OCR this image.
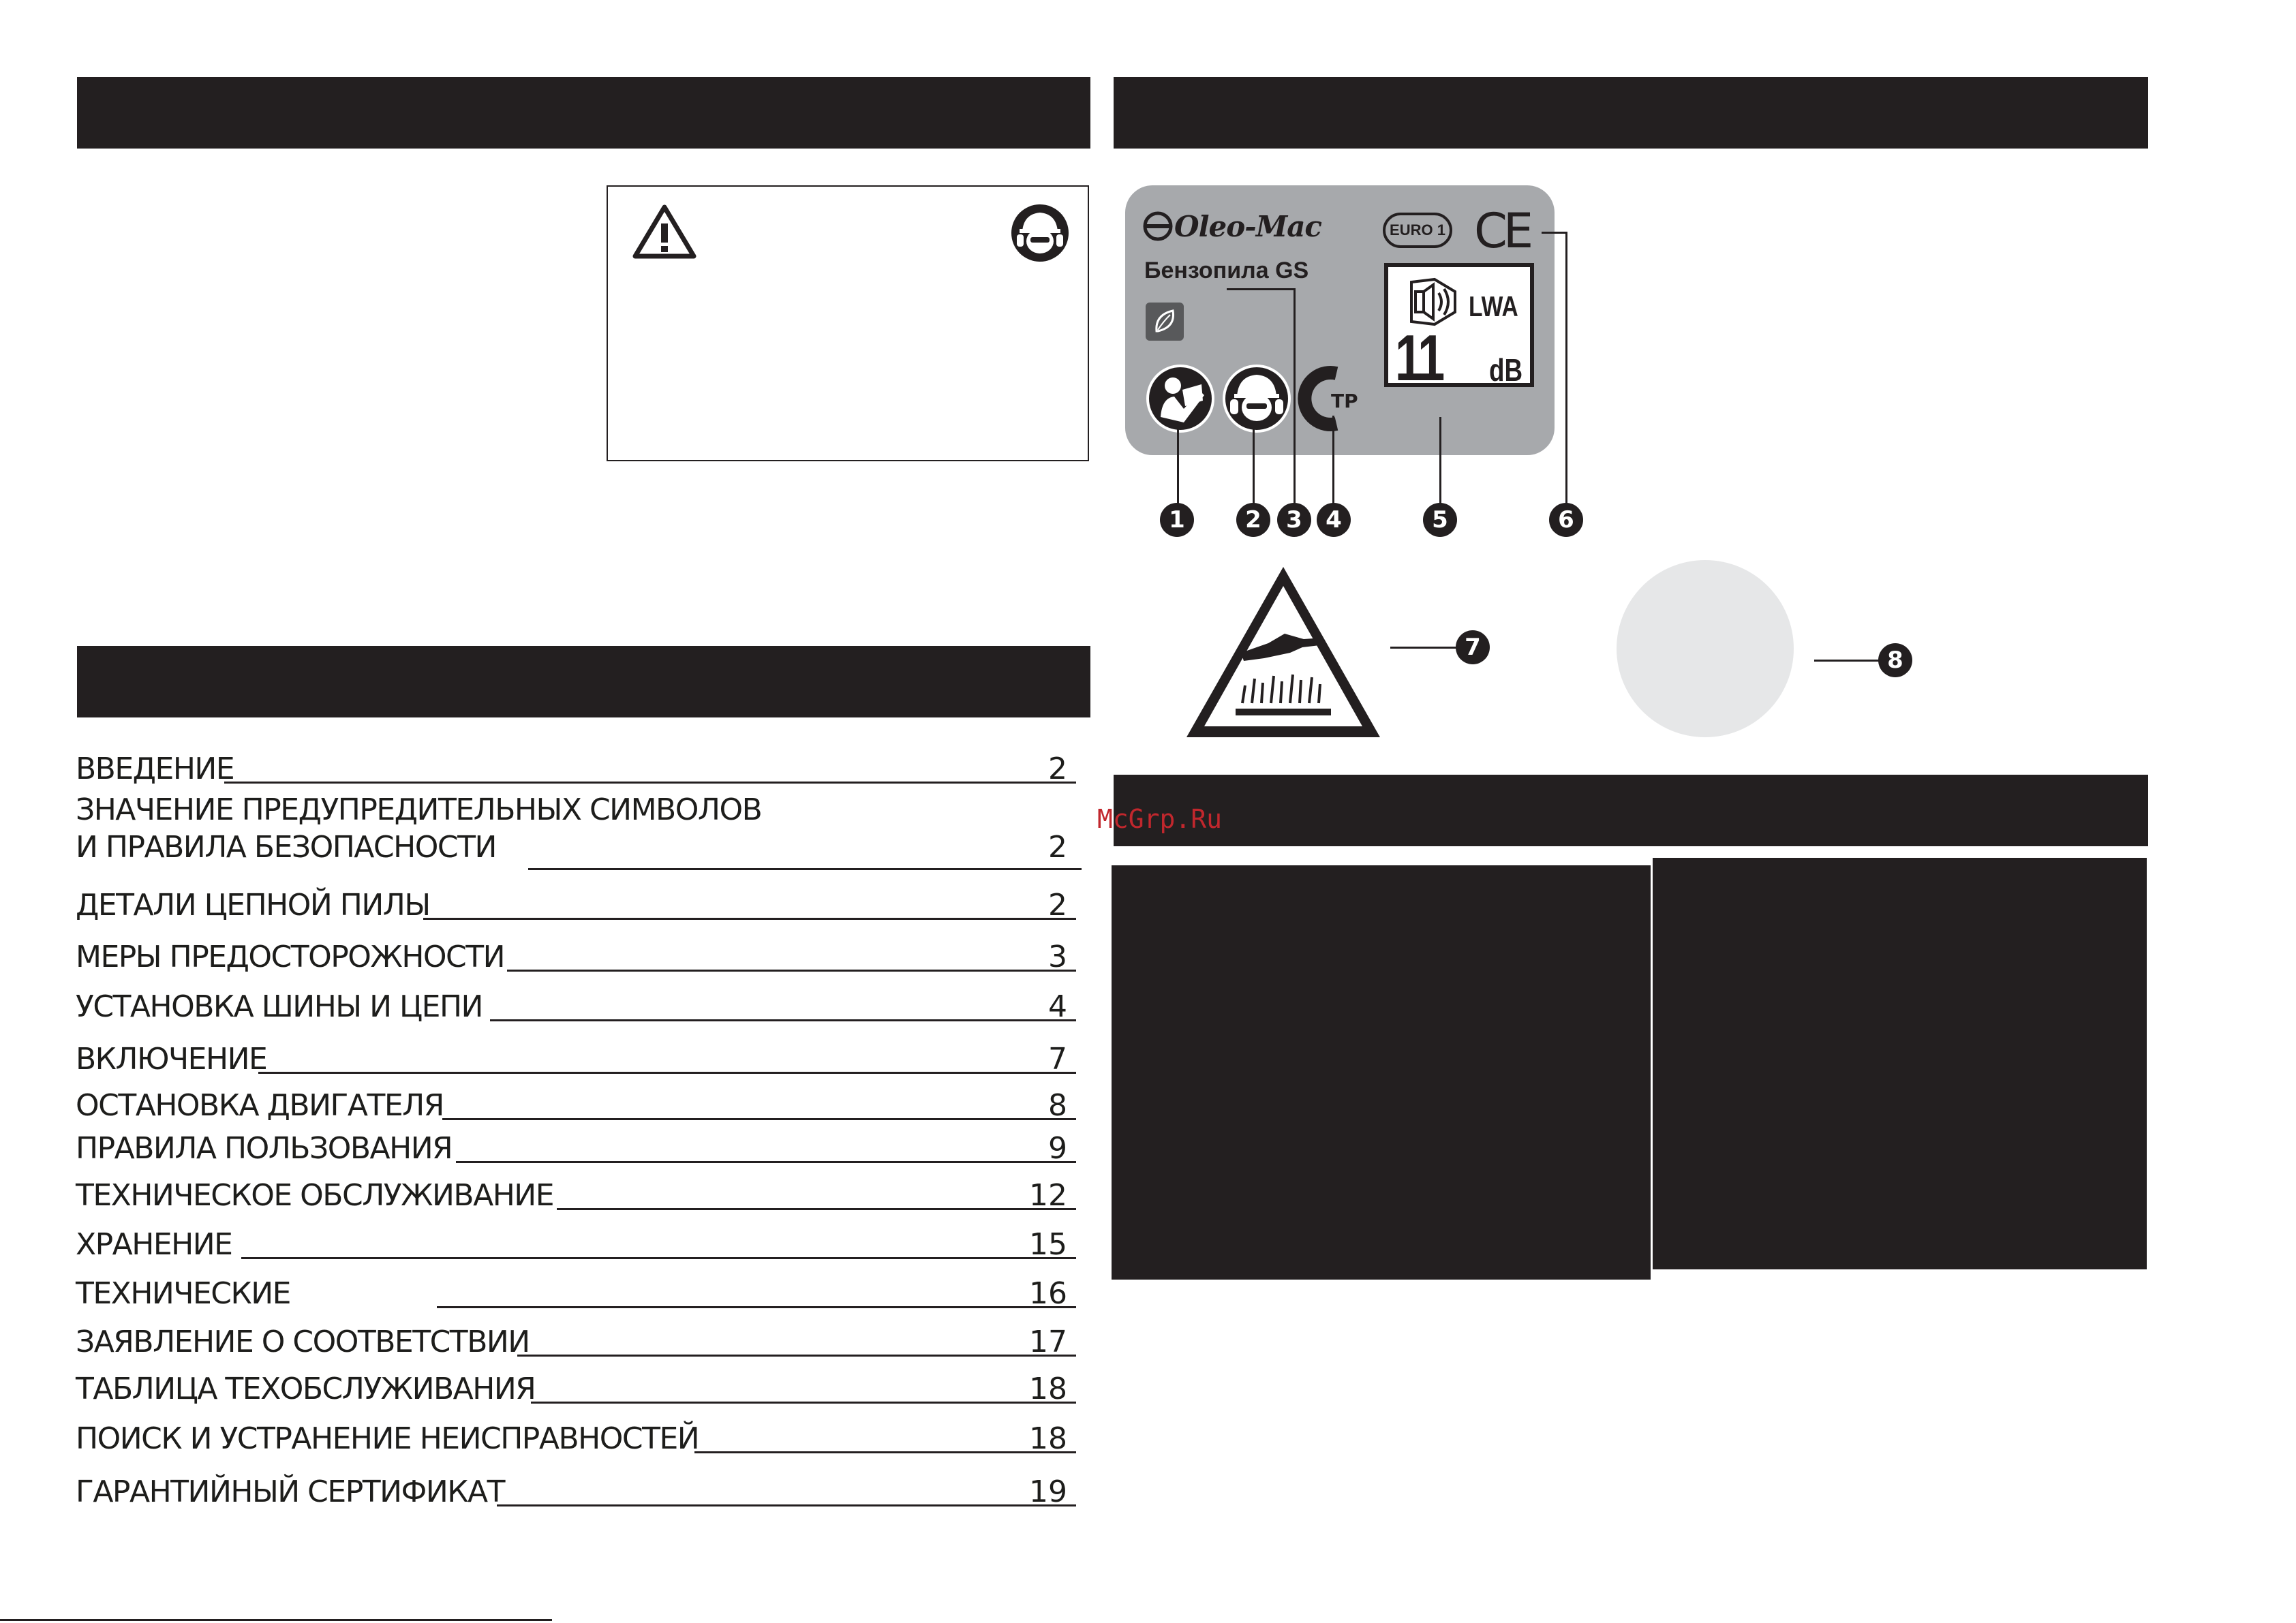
ВВЕДЕНИЕ	2
ЗНАЧЕНИЕ ПРЕДУПРЕДИТЕЛЬНЫХ СИМВОЛОВ
И ПРАВИЛА БЕЗОПАСНОСТИ	2
ДЕТАЛИ ЦЕПНОЙ ПИЛЫ	2
МЕРЫ ПРЕДОСТОРОЖНОСТИ	3
УСТАНОВКА ШИНЫ И ЦЕПИ	4
ВКЛЮЧЕНИЕ	7
ОСТАНОВКА ДВИГАТЕЛЯ	8
ПРАВИЛА ПОЛЬЗОВАНИЯ	9
ТЕХНИЧЕСКОЕ ОБСЛУЖИВАНИЕ	12
ХРАНЕНИЕ	15
ТЕХНИЧЕСКИЕ	16
ЗАЯВЛЕНИЕ О СООТВЕТСТВИИ	17
ТАБЛИЦА ТЕХОБСЛУЖИВАНИЯ	18
ПОИСК И УСТРАНЕНИЕ НЕИСПРАВНОСТЕЙ	18
ГАРАНТИЙНЫЙ СЕРТИФИКАТ	19
Oleo-Mac
Бензопила GS
ТР
EURO 1 CE
LWA
11 dB
1	2	3	4	5	6
7	8
McGrp.Ru
